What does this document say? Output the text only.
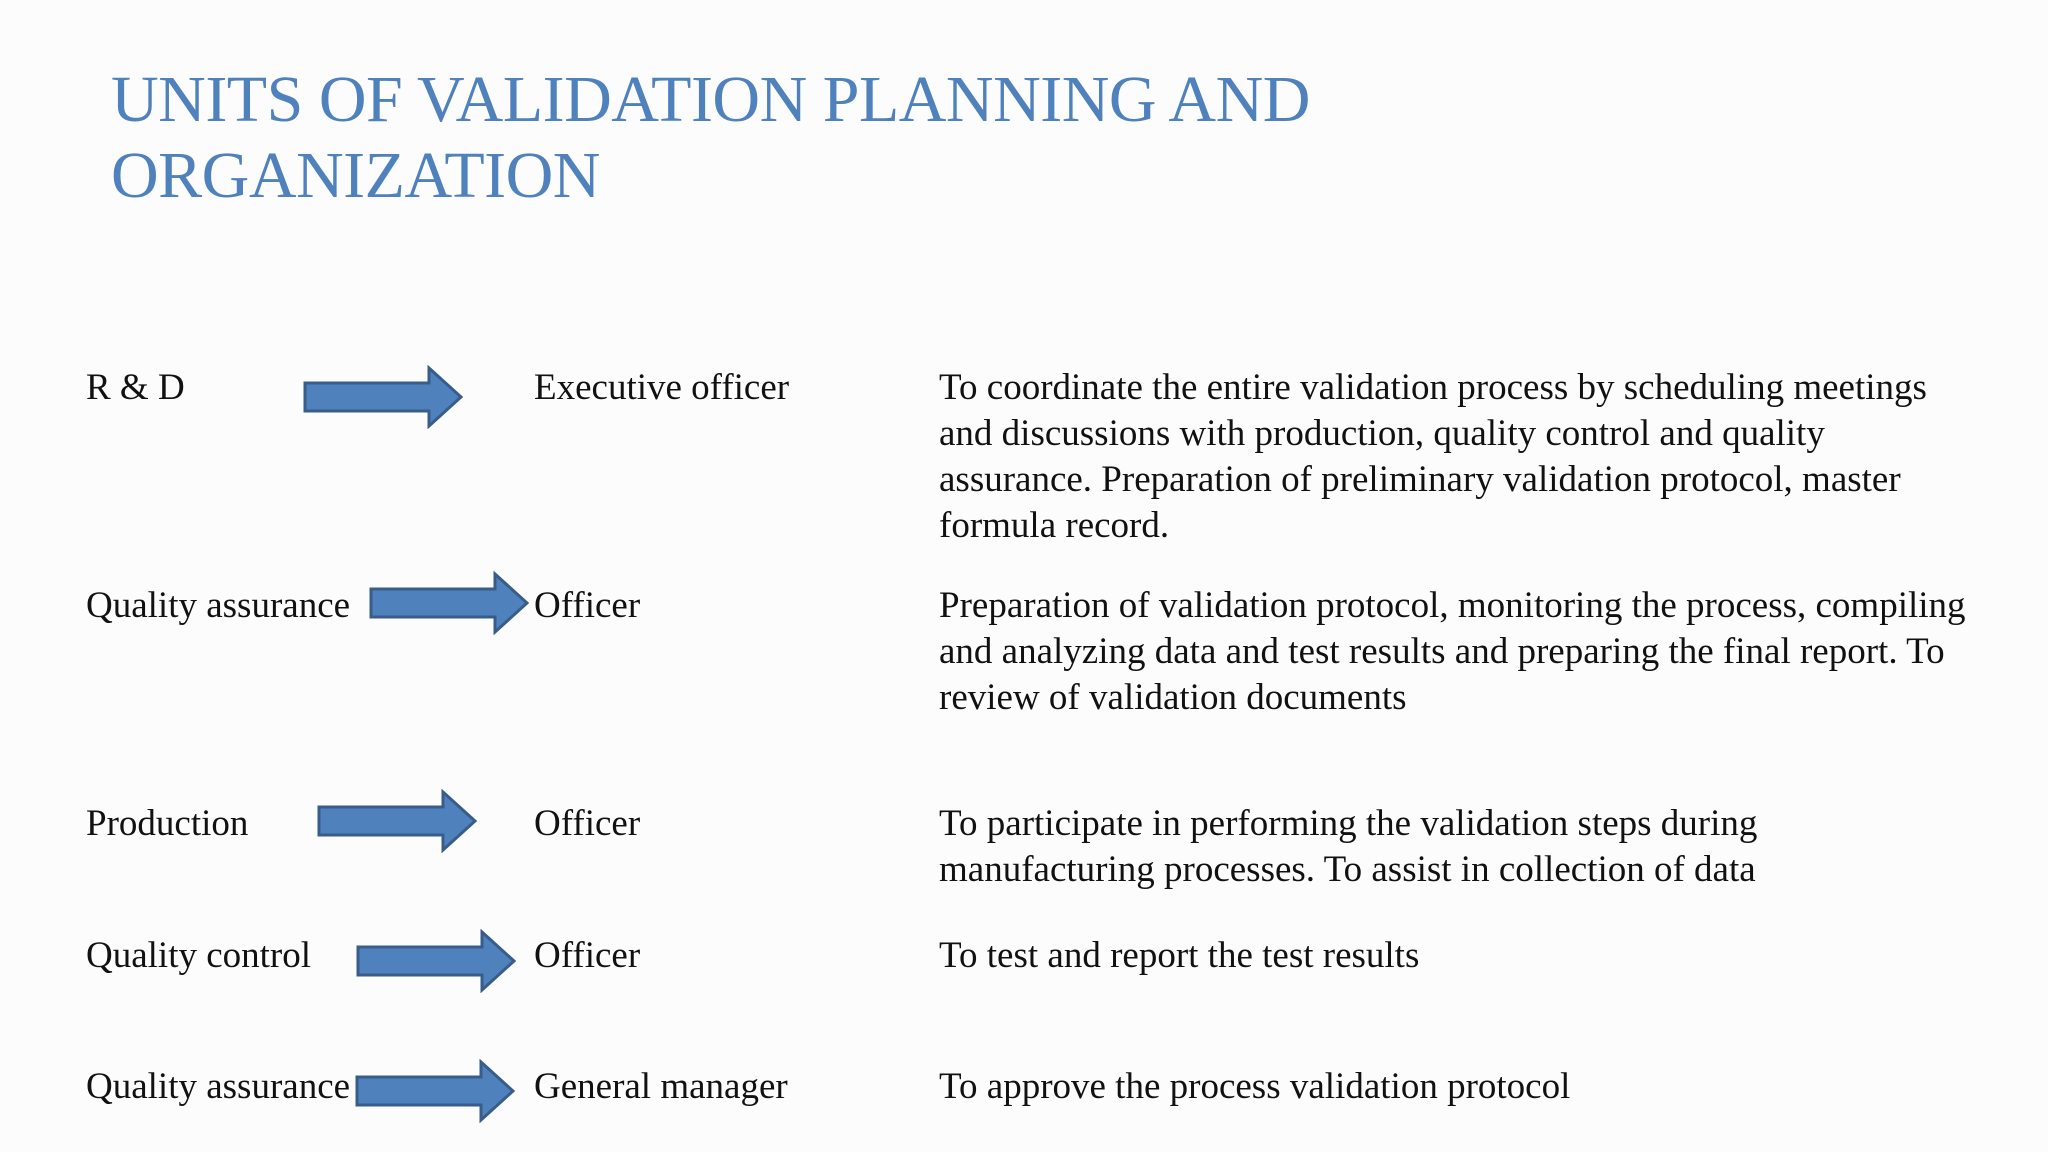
UNITS OF VALIDATION PLANNING AND
ORGANIZATION
R & D	Executive officer	To coordinate the entire validation process by scheduling meetings and discussions with production, quality control and quality assurance. Preparation of preliminary validation protocol, master formula record.
Quality assurance	Officer	Preparation of validation protocol, monitoring the process, compiling and analyzing data and test results and preparing the final report. To review of validation documents
Production	Officer	To participate in performing the validation steps during manufacturing processes. To assist in collection of data
Quality control	Officer	To test and report the test results
Quality assurance	General manager	To approve the process validation protocol
